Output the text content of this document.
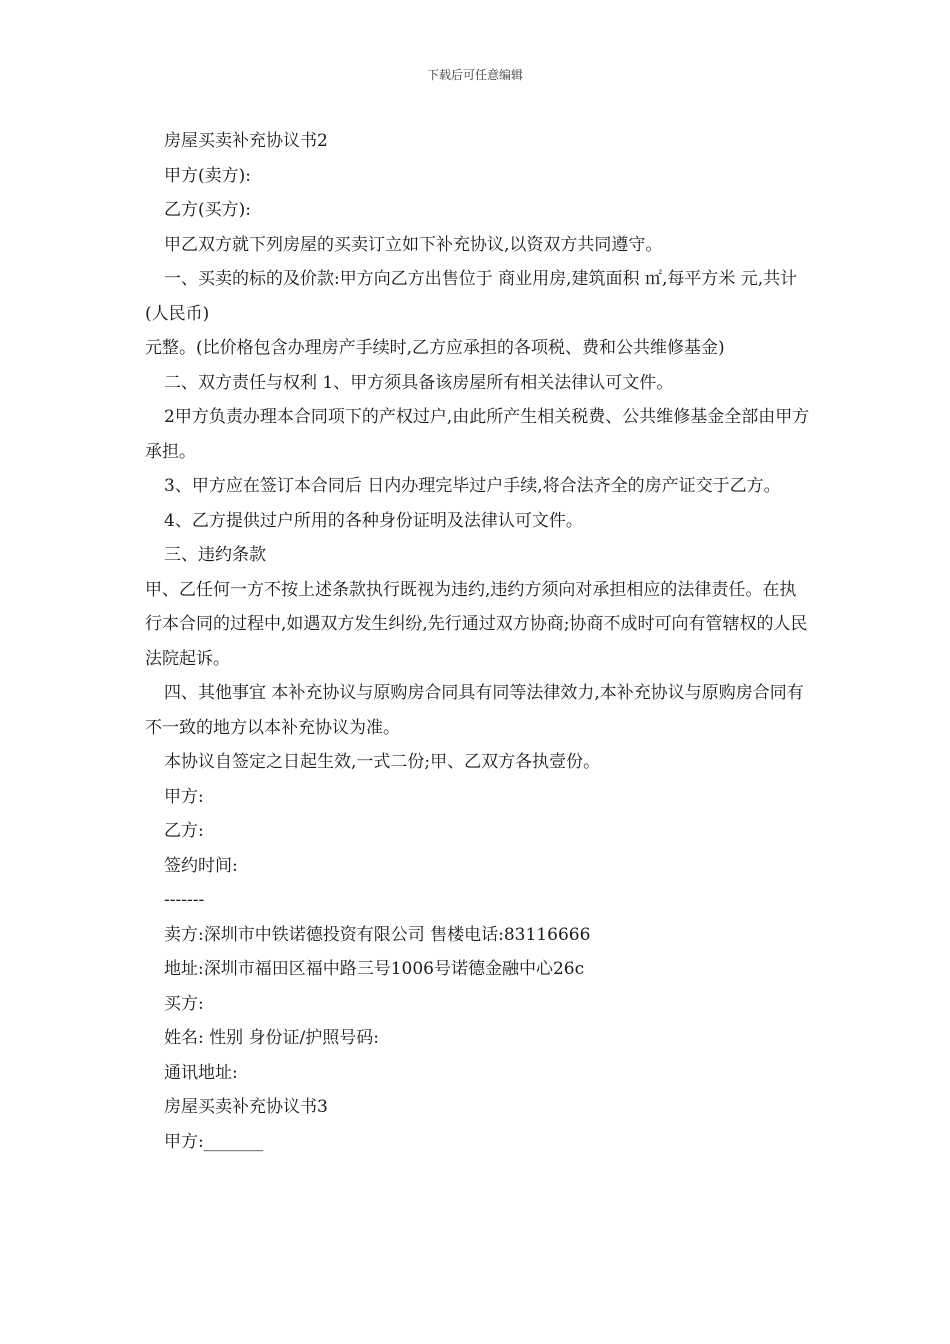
下载后可任意编辑

房屋买卖补充协议书2

甲方(卖方):

乙方(买方):

甲乙双方就下列房屋的买卖订立如下补充协议,以资双方共同遵守。

一、买卖的标的及价款:甲方向乙方出售位于 商业用房,建筑面积 ㎡,每平方米 元,共计 (人民币)

元整。(比价格包含办理房产手续时,乙方应承担的各项税、费和公共维修基金)

二、双方责任与权利 1、甲方须具备该房屋所有相关法律认可文件。

2甲方负责办理本合同项下的产权过户,由此所产生相关税费、公共维修基金全部由甲方承担。

3、甲方应在签订本合同后 日内办理完毕过户手续,将合法齐全的房产证交于乙方。

4、乙方提供过户所用的各种身份证明及法律认可文件。

三、违约条款

甲、乙任何一方不按上述条款执行既视为违约,违约方须向对承担相应的法律责任。在执行本合同的过程中,如遇双方发生纠纷,先行通过双方协商;协商不成时可向有管辖权的人民法院起诉。

四、其他事宜 本补充协议与原购房合同具有同等法律效力,本补充协议与原购房合同有不一致的地方以本补充协议为准。

本协议自签定之日起生效,一式二份;甲、乙双方各执壹份。

甲方:

乙方:

签约时间:

-------

卖方:深圳市中铁诺德投资有限公司 售楼电话:83116666

地址:深圳市福田区福中路三号1006号诺德金融中心26c

买方:

姓名: 性别 身份证/护照号码:

通讯地址:

房屋买卖补充协议书3

甲方:_______
